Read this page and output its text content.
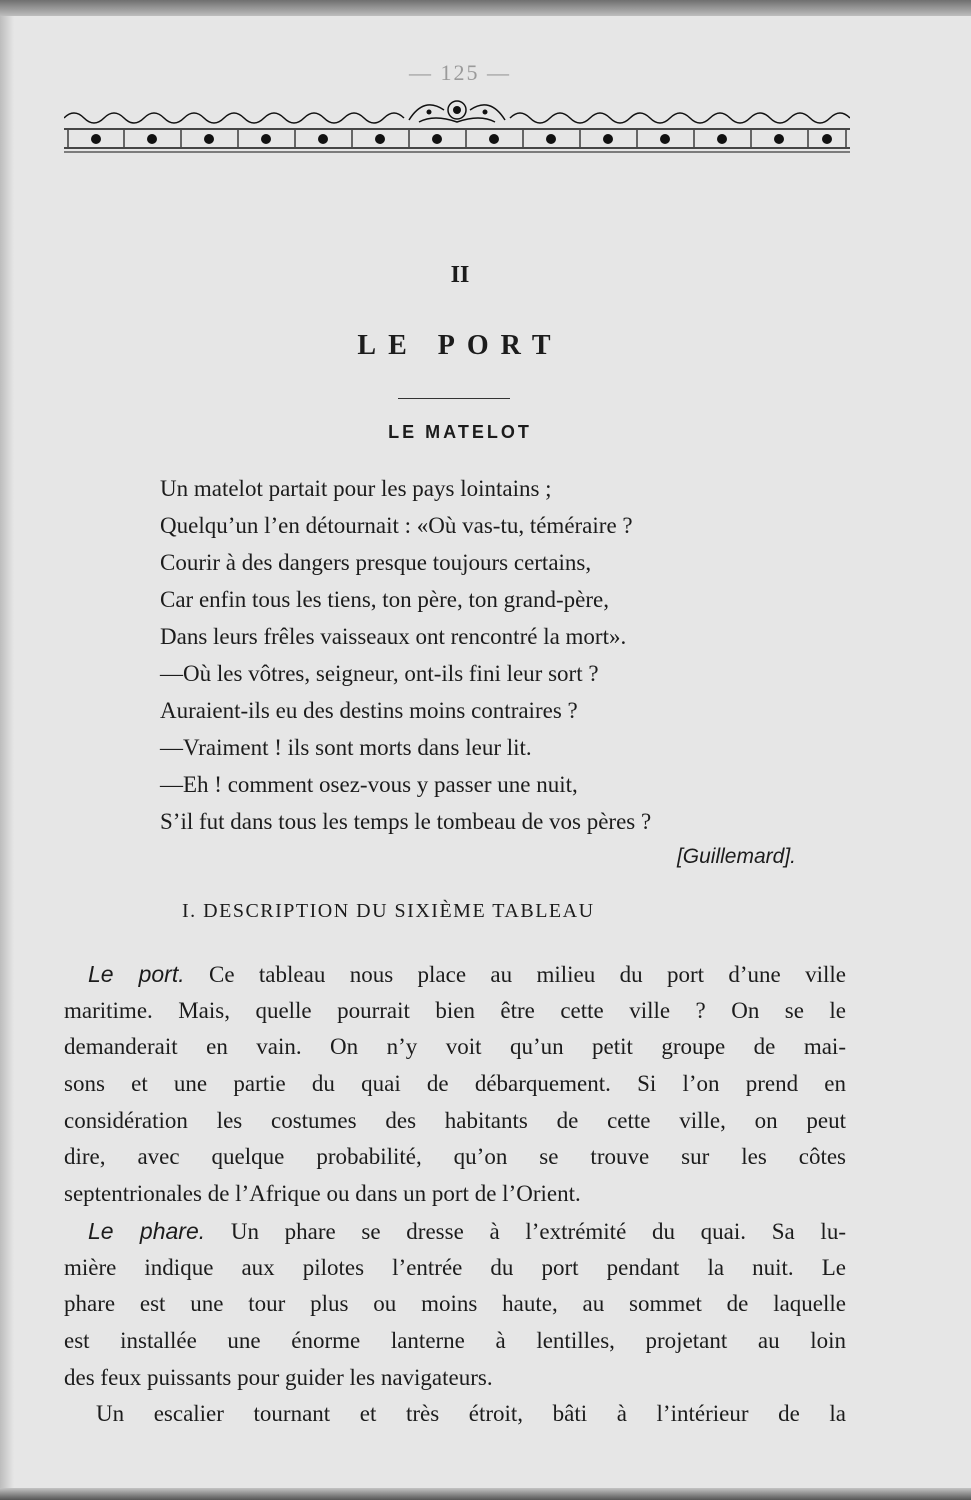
— 125 —
II
LE PORT
LE MATELOT
Un matelot partait pour les pays lointains ;
Quelqu’un l’en détournait : «Où vas-tu, téméraire ?
Courir à des dangers presque toujours certains,
Car enfin tous les tiens, ton père, ton grand-père,
Dans leurs frêles vaisseaux ont rencontré la mort».
—Où les vôtres, seigneur, ont-ils fini leur sort ?
Auraient-ils eu des destins moins contraires ?
—Vraiment ! ils sont morts dans leur lit.
—Eh ! comment osez-vous y passer une nuit,
S’il fut dans tous les temps le tombeau de vos pères ?
[Guillemard].
I. DESCRIPTION DU SIXIÈME TABLEAU
Le port. Ce tableau nous place au milieu du port d’une ville
maritime. Mais, quelle pourrait bien être cette ville ? On se le
demanderait en vain. On n’y voit qu’un petit groupe de mai-
sons et une partie du quai de débarquement. Si l’on prend en
considération les costumes des habitants de cette ville, on peut
dire, avec quelque probabilité, qu’on se trouve sur les côtes
septentrionales de l’Afrique ou dans un port de l’Orient.
Le phare. Un phare se dresse à l’extrémité du quai. Sa lu-
mière indique aux pilotes l’entrée du port pendant la nuit. Le
phare est une tour plus ou moins haute, au sommet de laquelle
est installée une énorme lanterne à lentilles, projetant au loin
des feux puissants pour guider les navigateurs.
Un escalier tournant et très étroit, bâti à l’intérieur de la
